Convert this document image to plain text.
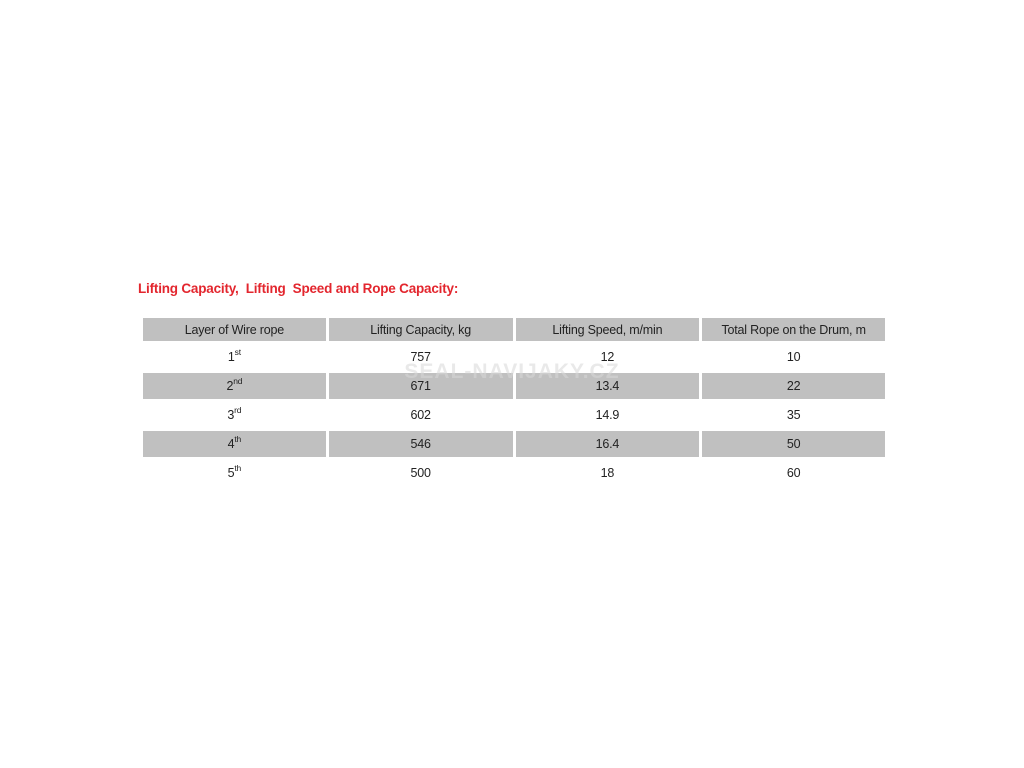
Lifting Capacity,  Lifting  Speed and Rope Capacity:
Layer of Wire rope	Lifting Capacity, kg	Lifting Speed, m/min	Total Rope on the Drum, m
1st	757	12	10
2nd	671	13.4	22
3rd	602	14.9	35
4th	546	16.4	50
5th	500	18	60
SEAL-NAVIJAKY.CZ
